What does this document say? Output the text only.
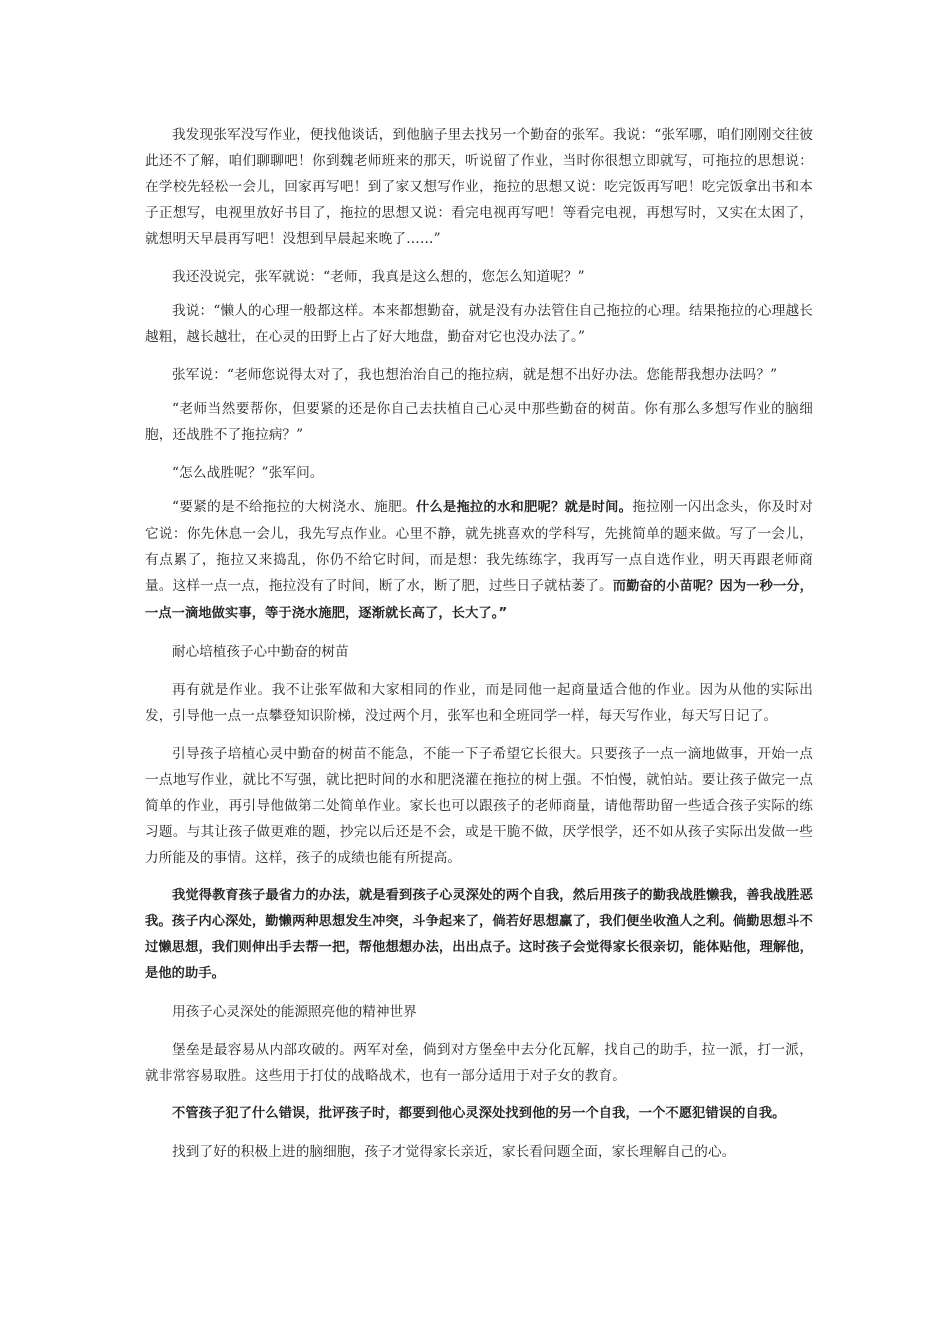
我发现张军没写作业，便找他谈话，到他脑子里去找另一个勤奋的张军。我说：“张军哪，咱们刚刚交往彼此还不了解，咱们聊聊吧！你到魏老师班来的那天，听说留了作业，当时你很想立即就写，可拖拉的思想说：在学校先轻松一会儿，回家再写吧！到了家又想写作业，拖拉的思想又说：吃完饭再写吧！吃完饭拿出书和本子正想写，电视里放好书目了，拖拉的思想又说：看完电视再写吧！等看完电视，再想写时，又实在太困了，就想明天早晨再写吧！没想到早晨起来晚了……”

我还没说完，张军就说：“老师，我真是这么想的，您怎么知道呢？”

我说：“懒人的心理一般都这样。本来都想勤奋，就是没有办法管住自己拖拉的心理。结果拖拉的心理越长越粗，越长越壮，在心灵的田野上占了好大地盘，勤奋对它也没办法了。”

张军说：“老师您说得太对了，我也想治治自己的拖拉病，就是想不出好办法。您能帮我想办法吗？”

“老师当然要帮你，但要紧的还是你自己去扶植自己心灵中那些勤奋的树苗。你有那么多想写作业的脑细胞，还战胜不了拖拉病？”

“怎么战胜呢？”张军问。

“要紧的是不给拖拉的大树浇水、施肥。什么是拖拉的水和肥呢？就是时间。拖拉刚一闪出念头，你及时对它说：你先休息一会儿，我先写点作业。心里不静，就先挑喜欢的学科写，先挑简单的题来做。写了一会儿，有点累了，拖拉又来捣乱，你仍不给它时间，而是想：我先练练字，我再写一点自选作业，明天再跟老师商量。这样一点一点，拖拉没有了时间，断了水，断了肥，过些日子就枯萎了。而勤奋的小苗呢？因为一秒一分，一点一滴地做实事，等于浇水施肥，逐渐就长高了，长大了。”

耐心培植孩子心中勤奋的树苗

再有就是作业。我不让张军做和大家相同的作业，而是同他一起商量适合他的作业。因为从他的实际出发，引导他一点一点攀登知识阶梯，没过两个月，张军也和全班同学一样，每天写作业，每天写日记了。

引导孩子培植心灵中勤奋的树苗不能急，不能一下子希望它长很大。只要孩子一点一滴地做事，开始一点一点地写作业，就比不写强，就比把时间的水和肥浇灌在拖拉的树上强。不怕慢，就怕站。要让孩子做完一点简单的作业，再引导他做第二处简单作业。家长也可以跟孩子的老师商量，请他帮助留一些适合孩子实际的练习题。与其让孩子做更难的题，抄完以后还是不会，或是干脆不做，厌学恨学，还不如从孩子实际出发做一些力所能及的事情。这样，孩子的成绩也能有所提高。

我觉得教育孩子最省力的办法，就是看到孩子心灵深处的两个自我，然后用孩子的勤我战胜懒我，善我战胜恶我。孩子内心深处，勤懒两种思想发生冲突，斗争起来了，倘若好思想赢了，我们便坐收渔人之利。倘勤思想斗不过懒思想，我们则伸出手去帮一把，帮他想想办法，出出点子。这时孩子会觉得家长很亲切，能体贴他，理解他，是他的助手。

用孩子心灵深处的能源照亮他的精神世界

堡垒是最容易从内部攻破的。两军对垒，倘到对方堡垒中去分化瓦解，找自己的助手，拉一派，打一派，就非常容易取胜。这些用于打仗的战略战术，也有一部分适用于对子女的教育。

不管孩子犯了什么错误，批评孩子时，都要到他心灵深处找到他的另一个自我，一个不愿犯错误的自我。

找到了好的积极上进的脑细胞，孩子才觉得家长亲近，家长看问题全面，家长理解自己的心。
